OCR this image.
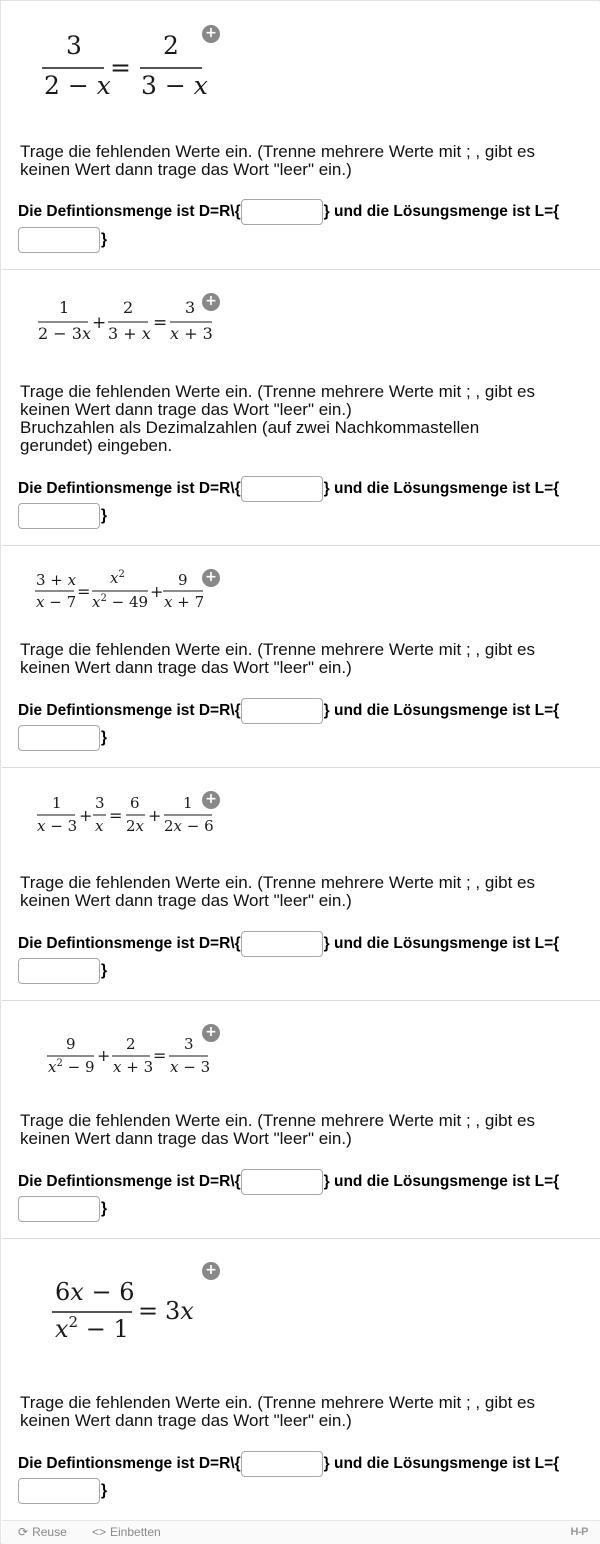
3
2 − x
=
2
3 − x
+
Trage die fehlenden Werte ein. (Trenne mehrere Werte mit ; , gibt es
keinen Wert dann trage das Wort "leer" ein.)
Die Defintionsmenge ist D=R\{	} und die Lösungsmenge ist L={
}
1
2 − 3x
+
2
3 + x
=
3
x + 3
+
Trage die fehlenden Werte ein. (Trenne mehrere Werte mit ; , gibt es
keinen Wert dann trage das Wort "leer" ein.)
Bruchzahlen als Dezimalzahlen (auf zwei Nachkommastellen
gerundet) eingeben.
Die Defintionsmenge ist D=R\{	} und die Lösungsmenge ist L={
}
3 + x
x − 7
=
$x^2$
$x^2 - 49$
+
9
x + 7
+
Trage die fehlenden Werte ein. (Trenne mehrere Werte mit ; , gibt es
keinen Wert dann trage das Wort "leer" ein.)
Die Defintionsmenge ist D=R\{	} und die Lösungsmenge ist L={
}
1
x − 3
+
3
x
=
6
2x
+
1
2x − 6
+
Trage die fehlenden Werte ein. (Trenne mehrere Werte mit ; , gibt es
keinen Wert dann trage das Wort "leer" ein.)
Die Defintionsmenge ist D=R\{	} und die Lösungsmenge ist L={
}
9
$x^2 - 9$
+
2
x + 3
=
3
x − 3
+
Trage die fehlenden Werte ein. (Trenne mehrere Werte mit ; , gibt es
keinen Wert dann trage das Wort "leer" ein.)
Die Defintionsmenge ist D=R\{	} und die Lösungsmenge ist L={
}
6x − 6
$x^2 - 1$
= 3x
+
Trage die fehlenden Werte ein. (Trenne mehrere Werte mit ; , gibt es
keinen Wert dann trage das Wort "leer" ein.)
Die Defintionsmenge ist D=R\{	} und die Lösungsmenge ist L={
}
⟳ Reuse <> Einbetten	H-P
